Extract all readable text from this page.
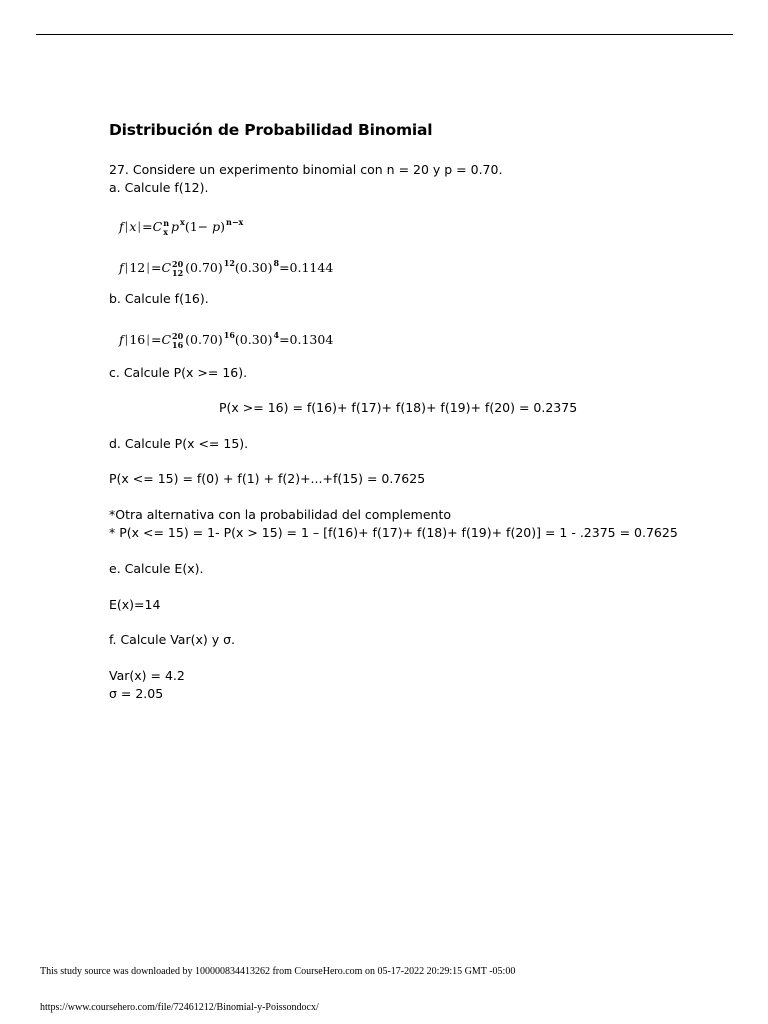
Distribución de Probabilidad Binomial

27. Considere un experimento binomial con n = 20 y p = 0.70.

a. Calcule f(12).

f|x|=C n
x $p^x(1- p)^{n-x}$
f|12|=C 20
12 $(0.70)^{12}(0.30)^8=0.1144$

b. Calcule f(16).

f|16|=C 20
16 $(0.70)^{16}(0.30)^4=0.1304$

c. Calcule P(x >= 16).

P(x >= 16) = f(16)+ f(17)+ f(18)+ f(19)+ f(20) = 0.2375

d. Calcule P(x <= 15).

P(x <= 15) = f(0) + f(1) + f(2)+...+f(15) = 0.7625

*Otra alternativa con la probabilidad del complemento

* P(x <= 15) = 1- P(x > 15) = 1 – [f(16)+ f(17)+ f(18)+ f(19)+ f(20)] = 1 - .2375 = 0.7625

e. Calcule E(x).

E(x)=14

f. Calcule Var(x) y σ.

Var(x) = 4.2

σ = 2.05

This study source was downloaded by 100000834413262 from CourseHero.com on 05-17-2022 20:29:15 GMT -05:00

https://www.coursehero.com/file/72461212/Binomial-y-Poissondocx/
